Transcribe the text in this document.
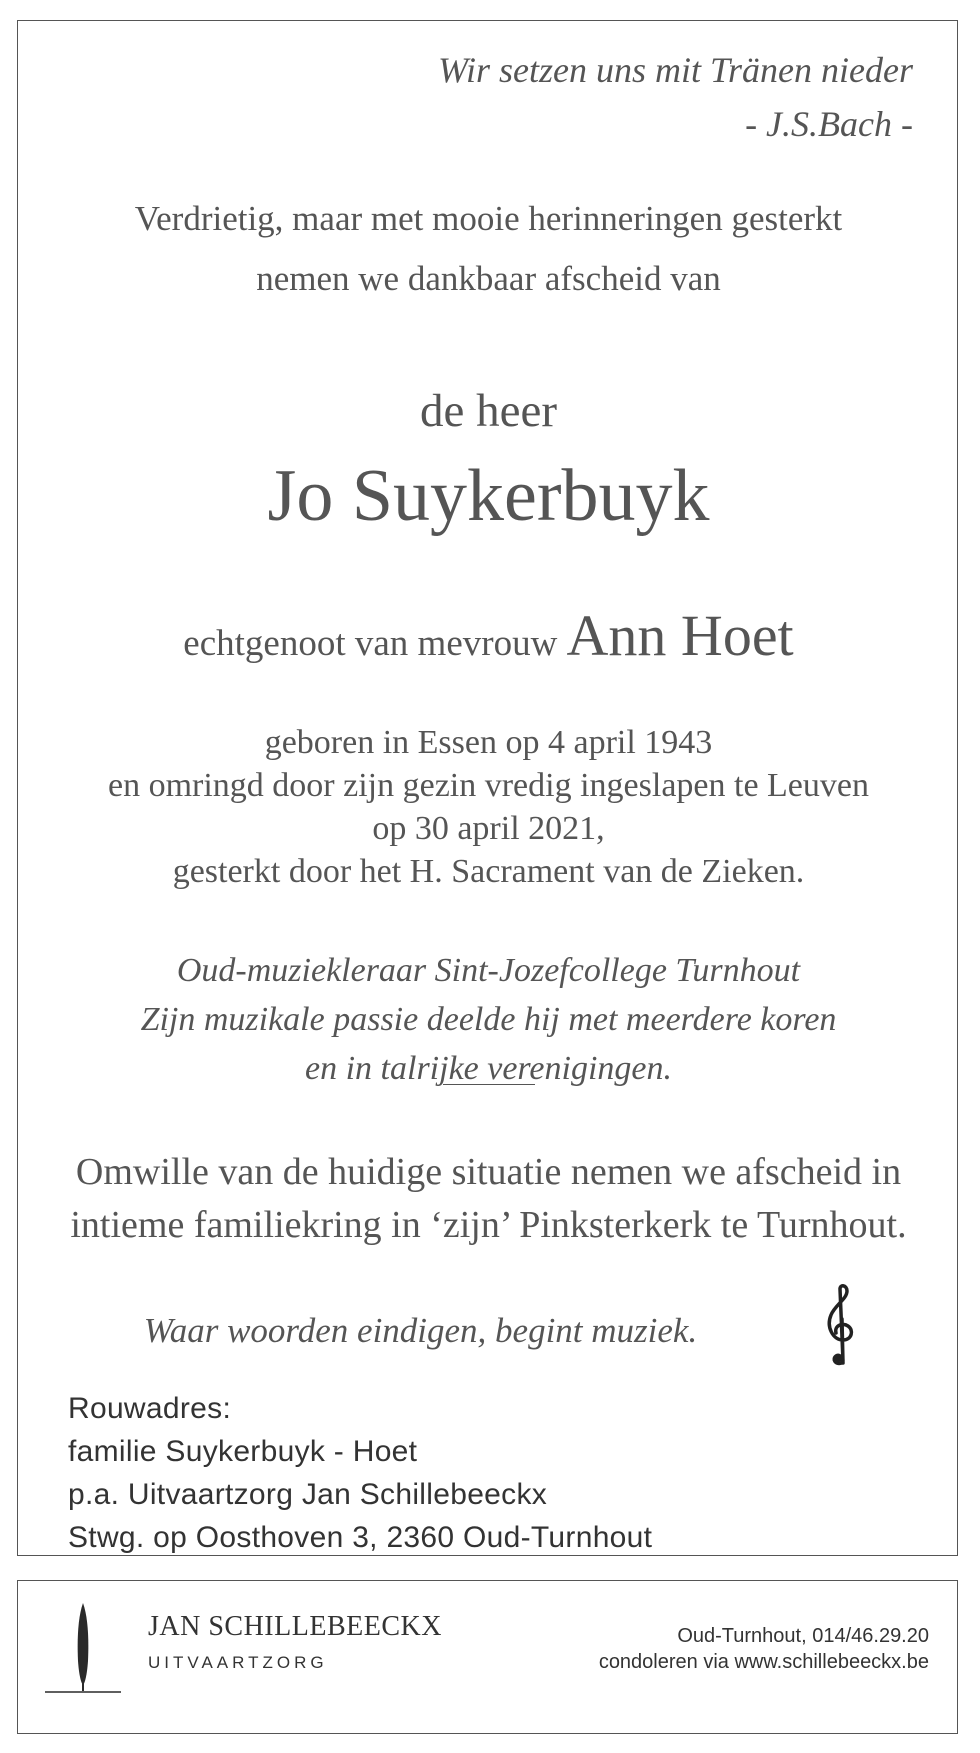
Wir setzen uns mit Tränen nieder
- J.S.Bach -
Verdrietig, maar met mooie herinneringen gesterkt
nemen we dankbaar afscheid van
de heer
Jo Suykerbuyk
echtgenoot van mevrouw Ann Hoet
geboren in Essen op 4 april 1943
en omringd door zijn gezin vredig ingeslapen te Leuven
op 30 april 2021,
gesterkt door het H. Sacrament van de Zieken.
Oud-muziekleraar Sint-Jozefcollege Turnhout
Zijn muzikale passie deelde hij met meerdere koren
en in talrijke verenigingen.
Omwille van de huidige situatie nemen we afscheid in
intieme familiekring in ‘zijn’ Pinksterkerk te Turnhout.
Waar woorden eindigen, begint muziek.
Rouwadres:
familie Suykerbuyk - Hoet
p.a. Uitvaartzorg Jan Schillebeeckx
Stwg. op Oosthoven 3, 2360 Oud-Turnhout
JAN SCHILLEBEECKX
UITVAARTZORG
Oud-Turnhout, 014/46.29.20
condoleren via www.schillebeeckx.be
